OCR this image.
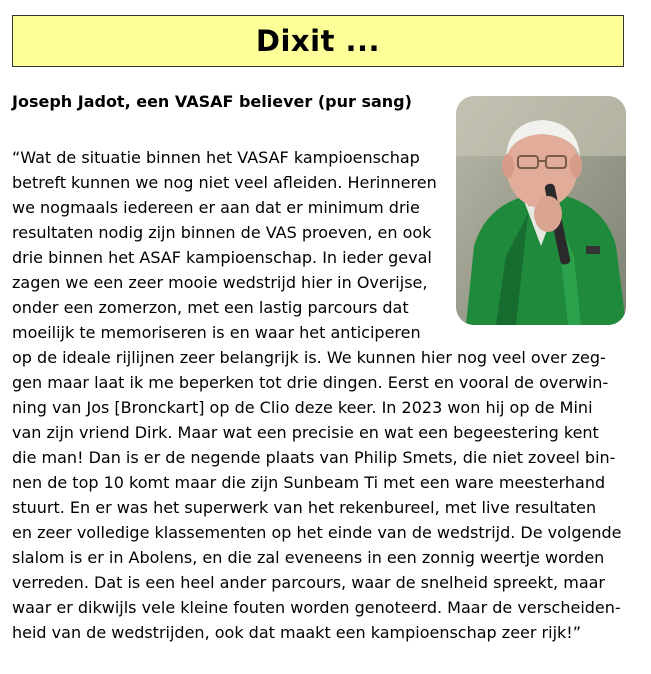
Dixit ...
Joseph Jadot, een VASAF believer (pur sang)
“Wat de situatie binnen het VASAF kampioenschap
betreft kunnen we nog niet veel afleiden. Herinneren
we nogmaals iedereen er aan dat er minimum drie
resultaten nodig zijn binnen de VAS proeven, en ook
drie binnen het ASAF kampioenschap. In ieder geval
zagen we een zeer mooie wedstrijd hier in Overijse,
onder een zomerzon, met een lastig parcours dat
moeilijk te memoriseren is en waar het anticiperen
op de ideale rijlijnen zeer belangrijk is. We kunnen hier nog veel over zeg-
gen maar laat ik me beperken tot drie dingen. Eerst en vooral de overwin-
ning van Jos [Bronckart] op de Clio deze keer. In 2023 won hij op de Mini
van zijn vriend Dirk. Maar wat een precisie en wat een begeestering kent
die man! Dan is er de negende plaats van Philip Smets, die niet zoveel bin-
nen de top 10 komt maar die zijn Sunbeam Ti met een ware meesterhand
stuurt. En er was het superwerk van het rekenbureel, met live resultaten
en zeer volledige klassementen op het einde van de wedstrijd. De volgende
slalom is er in Abolens, en die zal eveneens in een zonnig weertje worden
verreden. Dat is een heel ander parcours, waar de snelheid spreekt, maar
waar er dikwijls vele kleine fouten worden genoteerd. Maar de verscheiden-
heid van de wedstrijden, ook dat maakt een kampioenschap zeer rijk!”
